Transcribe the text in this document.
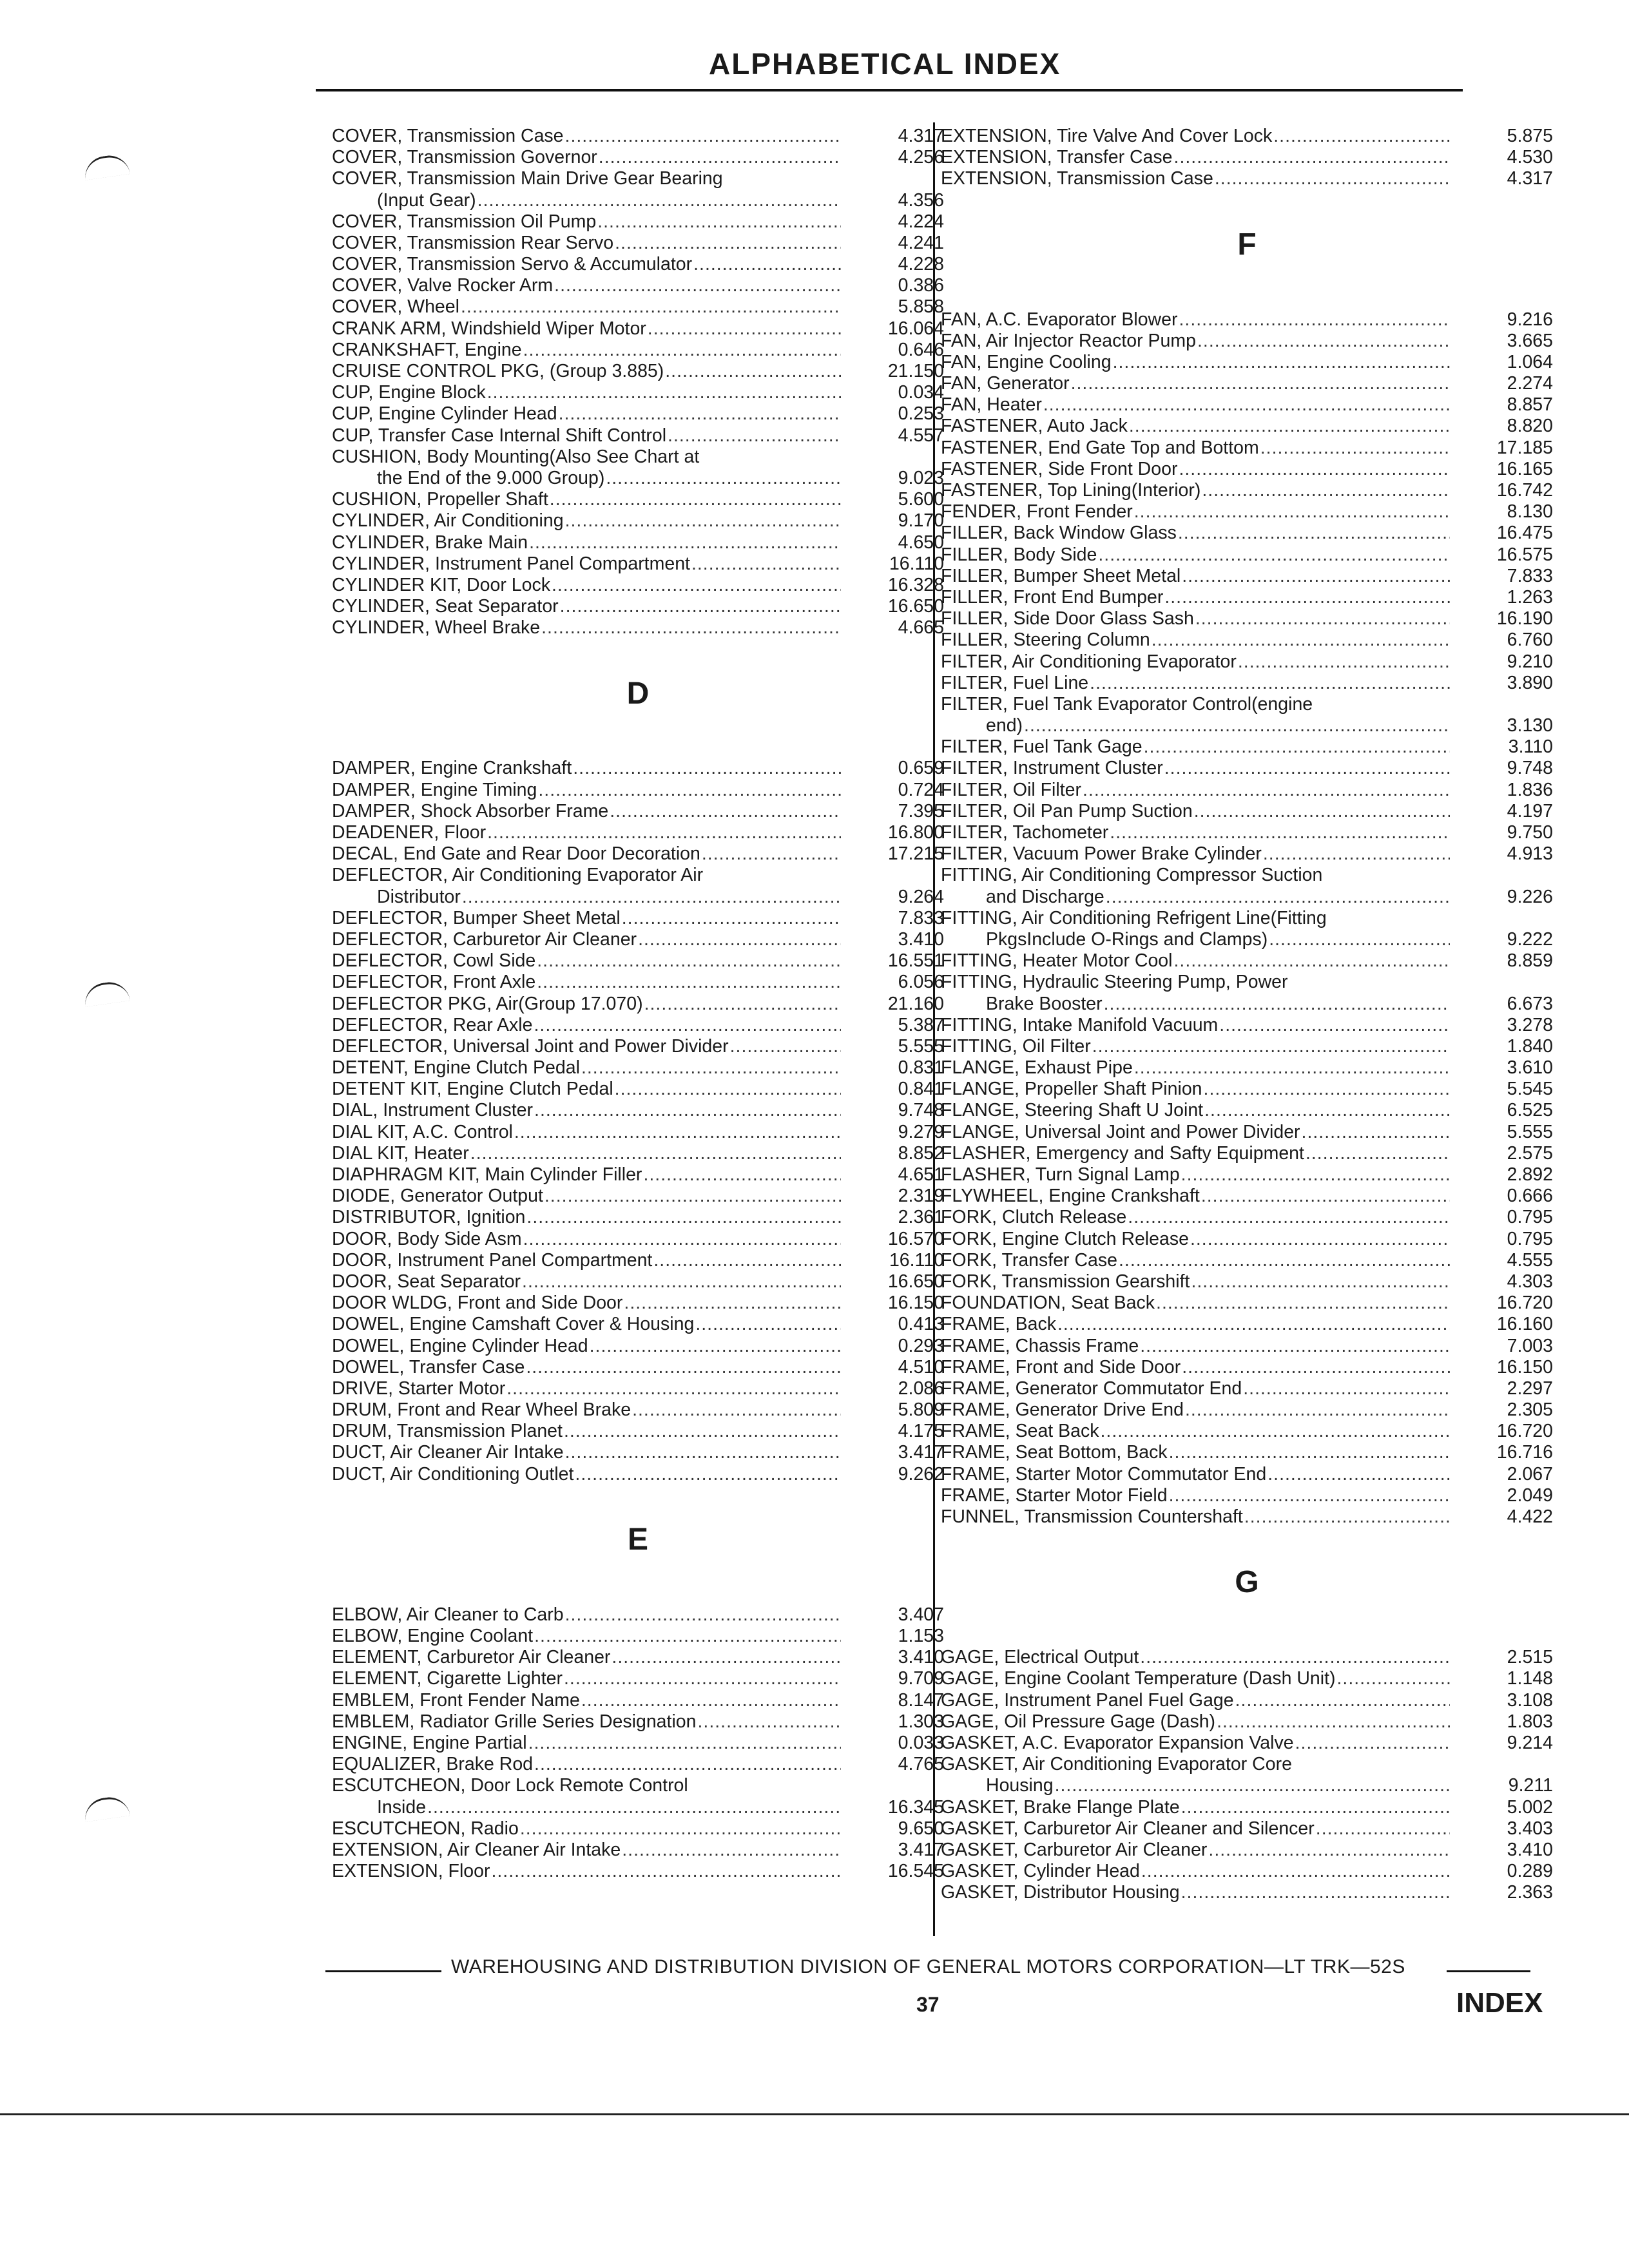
ALPHABETICAL INDEX
COVER, Transmission Case .....	4.317
COVER, Transmission Governor .....	4.256
COVER, Transmission Main Drive Gear Bearing
(Input Gear) .....	4.356
COVER, Transmission Oil Pump .....	4.224
COVER, Transmission Rear Servo .....	4.241
COVER, Transmission Servo & Accumulator .....	4.228
COVER, Valve Rocker Arm .....	0.386
COVER, Wheel .....	5.858
CRANK ARM, Windshield Wiper Motor .....	16.064
CRANKSHAFT, Engine .....	0.646
CRUISE CONTROL PKG, (Group 3.885) .....	21.150
CUP, Engine Block .....	0.034
CUP, Engine Cylinder Head .....	0.253
CUP, Transfer Case Internal Shift Control .....	4.557
CUSHION, Body Mounting(Also See Chart at
the End of the 9.000 Group) .....	9.023
CUSHION, Propeller Shaft .....	5.600
CYLINDER, Air Conditioning .....	9.170
CYLINDER, Brake Main .....	4.650
CYLINDER, Instrument Panel Compartment .....	16.110
CYLINDER KIT, Door Lock .....	16.328
CYLINDER, Seat Separator .....	16.650
CYLINDER, Wheel Brake .....	4.665
D
DAMPER, Engine Crankshaft .....	0.659
DAMPER, Engine Timing .....	0.724
DAMPER, Shock Absorber Frame .....	7.395
DEADENER, Floor .....	16.800
DECAL, End Gate and Rear Door Decoration .....	17.215
DEFLECTOR, Air Conditioning Evaporator Air
Distributor .....	9.264
DEFLECTOR, Bumper Sheet Metal .....	7.833
DEFLECTOR, Carburetor Air Cleaner .....	3.410
DEFLECTOR, Cowl Side .....	16.551
DEFLECTOR, Front Axle .....	6.056
DEFLECTOR PKG, Air(Group 17.070) .....	21.160
DEFLECTOR, Rear Axle .....	5.387
DEFLECTOR, Universal Joint and Power Divider .....	5.555
DETENT, Engine Clutch Pedal .....	0.831
DETENT KIT, Engine Clutch Pedal .....	0.841
DIAL, Instrument Cluster .....	9.748
DIAL KIT, A.C. Control .....	9.279
DIAL KIT, Heater .....	8.852
DIAPHRAGM KIT, Main Cylinder Filler .....	4.651
DIODE, Generator Output .....	2.319
DISTRIBUTOR, Ignition .....	2.361
DOOR, Body Side Asm .....	16.570
DOOR, Instrument Panel Compartment .....	16.110
DOOR, Seat Separator .....	16.650
DOOR WLDG, Front and Side Door .....	16.150
DOWEL, Engine Camshaft Cover & Housing .....	0.413
DOWEL, Engine Cylinder Head .....	0.293
DOWEL, Transfer Case .....	4.510
DRIVE, Starter Motor .....	2.086
DRUM, Front and Rear Wheel Brake .....	5.809
DRUM, Transmission Planet .....	4.175
DUCT, Air Cleaner Air Intake .....	3.417
DUCT, Air Conditioning Outlet .....	9.262
E
ELBOW, Air Cleaner to Carb .....	3.407
ELBOW, Engine Coolant .....	1.153
ELEMENT, Carburetor Air Cleaner .....	3.410
ELEMENT, Cigarette Lighter .....	9.709
EMBLEM, Front Fender Name .....	8.147
EMBLEM, Radiator Grille Series Designation .....	1.303
ENGINE, Engine Partial .....	0.033
EQUALIZER, Brake Rod .....	4.765
ESCUTCHEON, Door Lock Remote Control
Inside .....	16.345
ESCUTCHEON, Radio .....	9.650
EXTENSION, Air Cleaner Air Intake .....	3.417
EXTENSION, Floor .....	16.545
EXTENSION, Tire Valve And Cover Lock .....	5.875
EXTENSION, Transfer Case .....	4.530
EXTENSION, Transmission Case .....	4.317
F
FAN, A.C. Evaporator Blower .....	9.216
FAN, Air Injector Reactor Pump .....	3.665
FAN, Engine Cooling .....	1.064
FAN, Generator .....	2.274
FAN, Heater .....	8.857
FASTENER, Auto Jack .....	8.820
FASTENER, End Gate Top and Bottom .....	17.185
FASTENER, Side Front Door .....	16.165
FASTENER, Top Lining(Interior) .....	16.742
FENDER, Front Fender .....	8.130
FILLER, Back Window Glass .....	16.475
FILLER, Body Side .....	16.575
FILLER, Bumper Sheet Metal .....	7.833
FILLER, Front End Bumper .....	1.263
FILLER, Side Door Glass Sash .....	16.190
FILLER, Steering Column .....	6.760
FILTER, Air Conditioning Evaporator .....	9.210
FILTER, Fuel Line .....	3.890
FILTER, Fuel Tank Evaporator Control(engine
end) .....	3.130
FILTER, Fuel Tank Gage .....	3.110
FILTER, Instrument Cluster .....	9.748
FILTER, Oil Filter .....	1.836
FILTER, Oil Pan Pump Suction .....	4.197
FILTER, Tachometer .....	9.750
FILTER, Vacuum Power Brake Cylinder .....	4.913
FITTING, Air Conditioning Compressor Suction
and Discharge .....	9.226
FITTING, Air Conditioning Refrigent Line(Fitting
PkgsInclude O-Rings and Clamps) .....	9.222
FITTING, Heater Motor Cool .....	8.859
FITTING, Hydraulic Steering Pump, Power
Brake Booster .....	6.673
FITTING, Intake Manifold Vacuum .....	3.278
FITTING, Oil Filter .....	1.840
FLANGE, Exhaust Pipe .....	3.610
FLANGE, Propeller Shaft Pinion .....	5.545
FLANGE, Steering Shaft U Joint .....	6.525
FLANGE, Universal Joint and Power Divider .....	5.555
FLASHER, Emergency and Safty Equipment .....	2.575
FLASHER, Turn Signal Lamp .....	2.892
FLYWHEEL, Engine Crankshaft .....	0.666
FORK, Clutch Release .....	0.795
FORK, Engine Clutch Release .....	0.795
FORK, Transfer Case .....	4.555
FORK, Transmission Gearshift .....	4.303
FOUNDATION, Seat Back .....	16.720
FRAME, Back .....	16.160
FRAME, Chassis Frame .....	7.003
FRAME, Front and Side Door .....	16.150
FRAME, Generator Commutator End .....	2.297
FRAME, Generator Drive End .....	2.305
FRAME, Seat Back .....	16.720
FRAME, Seat Bottom, Back .....	16.716
FRAME, Starter Motor Commutator End .....	2.067
FRAME, Starter Motor Field .....	2.049
FUNNEL, Transmission Countershaft .....	4.422
G
GAGE, Electrical Output .....	2.515
GAGE, Engine Coolant Temperature (Dash Unit) .....	1.148
GAGE, Instrument Panel Fuel Gage .....	3.108
GAGE, Oil Pressure Gage (Dash) .....	1.803
GASKET, A.C. Evaporator Expansion Valve .....	9.214
GASKET, Air Conditioning Evaporator Core
Housing .....	9.211
GASKET, Brake Flange Plate .....	5.002
GASKET, Carburetor Air Cleaner and Silencer .....	3.403
GASKET, Carburetor Air Cleaner .....	3.410
GASKET, Cylinder Head .....	0.289
GASKET, Distributor Housing .....	2.363
WAREHOUSING AND DISTRIBUTION DIVISION OF GENERAL MOTORS CORPORATION—LT TRK—52S
37	INDEX
